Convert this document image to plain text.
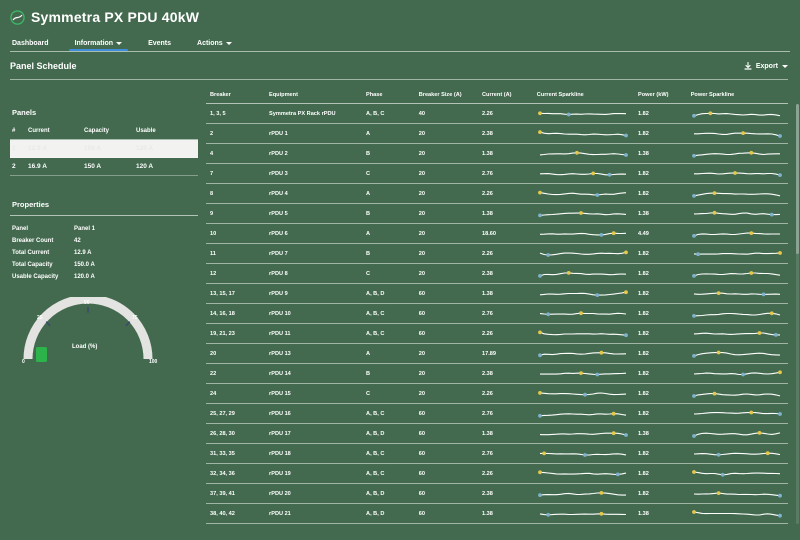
Symmetra PX PDU 40kW
Dashboard	Information	Events	Actions
Panel Schedule	Export
Panels
#	Current	Capacity	Usable
1	12.9 A	150 A	120 A
2	16.9 A	150 A	120 A
Properties
Panel	Panel 1
Breaker Count	42
Total Current	12.9 A
Total Capacity	150.0 A
Usable Capacity	120.0 A
0
25
50
75
100
Load (%)
Breaker	Equipment	Phase	Breaker Size (A)	Current (A)	Current Sparkline	Power (kW)	Power Sparkline
1, 3, 5	Symmetra PX Rack rPDU	A, B, C	40	2.26		1.82	

2	rPDU 1	A	20	2.38		1.82	

4	rPDU 2	B	20	1.38		1.38	

7	rPDU 3	C	20	2.76		1.82	

8	rPDU 4	A	20	2.26		1.82	

9	rPDU 5	B	20	1.38		1.38	

10	rPDU 6	A	20	18.60		4.49	

11	rPDU 7	B	20	2.26		1.82	

12	rPDU 8	C	20	2.38		1.82	

13, 15, 17	rPDU 9	A, B, D	60	1.38		1.82	

14, 16, 18	rPDU 10	A, B, C	60	2.76		1.82	

19, 21, 23	rPDU 11	A, B, C	60	2.26		1.82	

20	rPDU 13	A	20	17.89		1.82	

22	rPDU 14	B	20	2.38		1.82	

24	rPDU 15	C	20	2.26		1.82	

25, 27, 29	rPDU 16	A, B, C	60	2.76		1.82	

26, 28, 30	rPDU 17	A, B, D	60	1.38		1.38	

31, 33, 35	rPDU 18	A, B, C	60	2.76		1.82	

32, 34, 36	rPDU 19	A, B, C	60	2.26		1.82	

37, 39, 41	rPDU 20	A, B, D	60	2.38		1.82	

38, 40, 42	rPDU 21	A, B, D	60	1.38		1.38	
